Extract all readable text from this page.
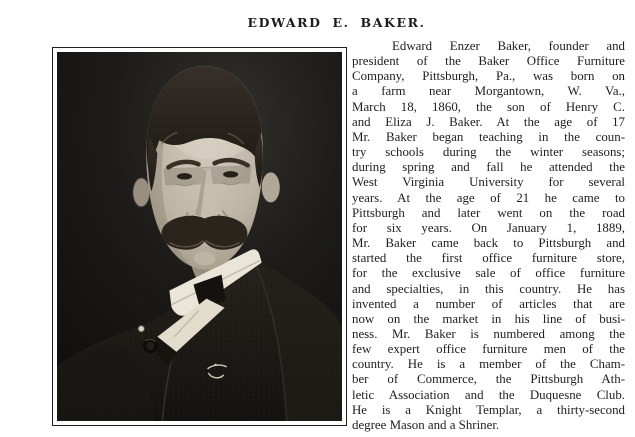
EDWARD E. BAKER.
Edward Enzer Baker, founder and
president of the Baker Office Furniture
Company, Pittsburgh, Pa., was born on
a farm near Morgantown, W. Va.,
March 18, 1860, the son of Henry C.
and Eliza J. Baker. At the age of 17
Mr. Baker began teaching in the coun-
try schools during the winter seasons;
during spring and fall he attended the
West Virginia University for several
years. At the age of 21 he came to
Pittsburgh and later went on the road
for six years. On January 1, 1889,
Mr. Baker came back to Pittsburgh and
started the first office furniture store,
for the exclusive sale of office furniture
and specialties, in this country. He has
invented a number of articles that are
now on the market in his line of busi-
ness. Mr. Baker is numbered among the
few expert office furniture men of the
country. He is a member of the Cham-
ber of Commerce, the Pittsburgh Ath-
letic Association and the Duquesne Club.
He is a Knight Templar, a thirty-second
degree Mason and a Shriner.
